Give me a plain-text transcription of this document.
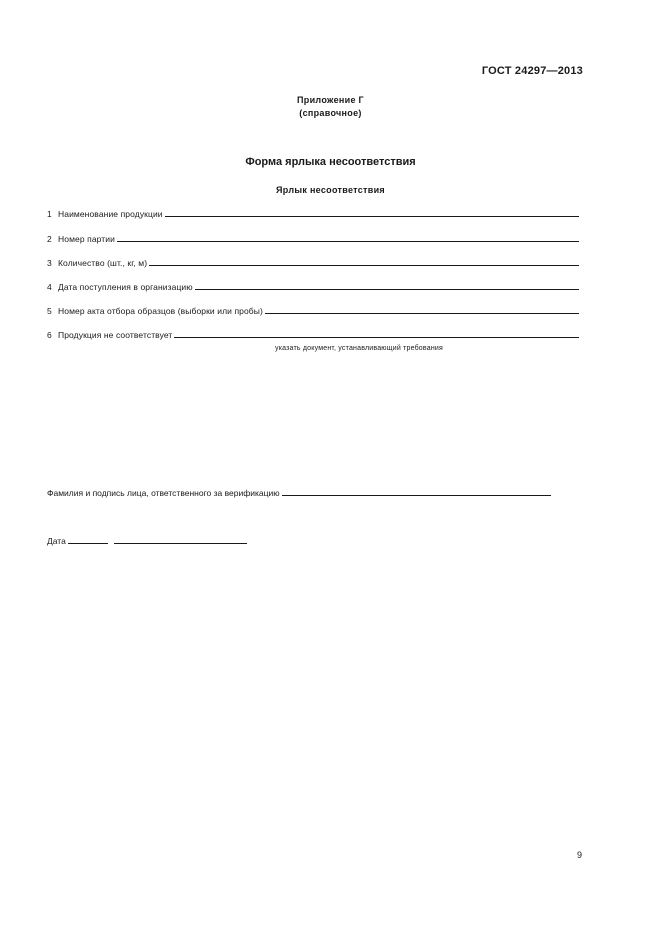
ГОСТ 24297—2013
Приложение Г
(справочное)
Форма ярлыка несоответствия
Ярлык несоответствия
1 Наименование продукции
2 Номер партии
3 Количество (шт., кг, м)
4 Дата поступления в организацию
5 Номер акта отбора образцов (выборки или пробы)
6 Продукция не соответствует
указать документ, устанавливающий требования
Фамилия и подпись лица, ответственного за верификацию
Дата
9
